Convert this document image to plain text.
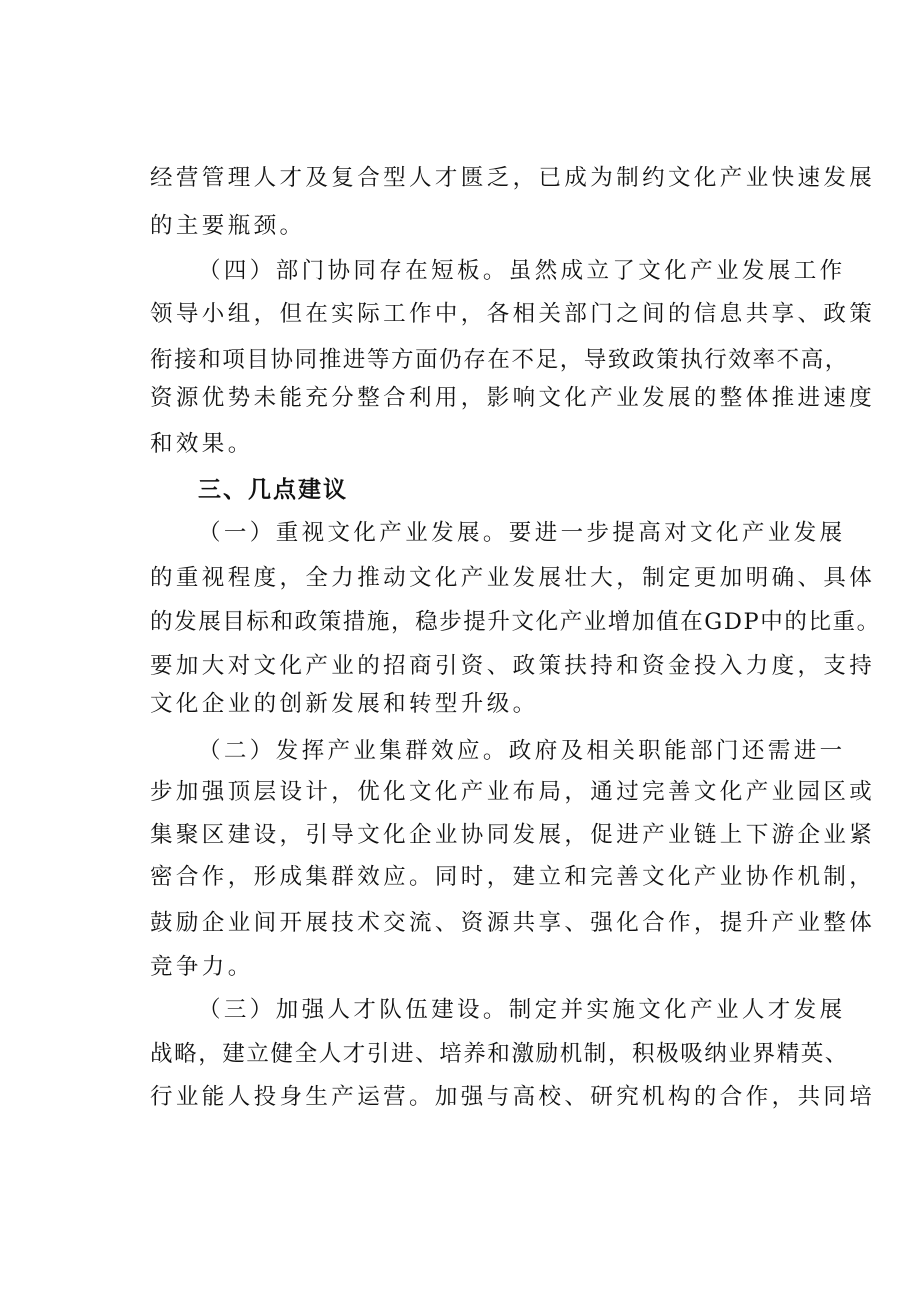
经营管理人才及复合型人才匮乏，已成为制约文化产业快速发展
的主要瓶颈。
（四）部门协同存在短板。虽然成立了文化产业发展工作
领导小组，但在实际工作中，各相关部门之间的信息共享、政策
衔接和项目协同推进等方面仍存在不足，导致政策执行效率不高，
资源优势未能充分整合利用，影响文化产业发展的整体推进速度
和效果。
三、几点建议
（一）重视文化产业发展。要进一步提高对文化产业发展
的重视程度，全力推动文化产业发展壮大，制定更加明确、具体
的发展目标和政策措施，稳步提升文化产业增加值在GDP中的比重。
要加大对文化产业的招商引资、政策扶持和资金投入力度，支持
文化企业的创新发展和转型升级。
（二）发挥产业集群效应。政府及相关职能部门还需进一
步加强顶层设计，优化文化产业布局，通过完善文化产业园区或
集聚区建设，引导文化企业协同发展，促进产业链上下游企业紧
密合作，形成集群效应。同时，建立和完善文化产业协作机制，
鼓励企业间开展技术交流、资源共享、强化合作，提升产业整体
竞争力。
（三）加强人才队伍建设。制定并实施文化产业人才发展
战略，建立健全人才引进、培养和激励机制，积极吸纳业界精英、
行业能人投身生产运营。加强与高校、研究机构的合作，共同培
